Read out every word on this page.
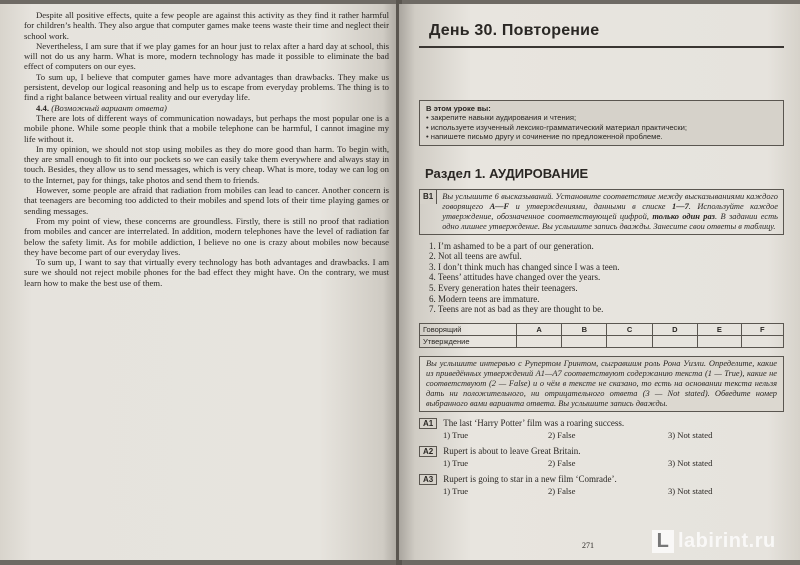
Despite all positive effects, quite a few people are against this activity as they find it rather harmful for children’s health. They also argue that computer games make teens waste their time and neglect their school work.

Nevertheless, I am sure that if we play games for an hour just to relax after a hard day at school, this will not do us any harm. What is more, modern technology has made it possible to eliminate the bad effect of computers on our eyes.

To sum up, I believe that computer games have more advantages than drawbacks. They make us persistent, develop our logical reasoning and help us to escape from everyday problems. The thing is to find a right balance between virtual reality and our everyday life.

4.4. (Возможный вариант ответа)

There are lots of different ways of communication nowadays, but perhaps the most popular one is a mobile phone. While some people think that a mobile telephone can be harmful, I cannot imagine my life without it.

In my opinion, we should not stop using mobiles as they do more good than harm. To begin with, they are small enough to fit into our pockets so we can easily take them everywhere and always stay in touch. Besides, they allow us to send messages, which is very cheap. What is more, today we can log on to the Internet, pay for things, take photos and send them to friends.

However, some people are afraid that radiation from mobiles can lead to cancer. Another concern is that teenagers are becoming too addicted to their mobiles and spend lots of their time playing games or sending messages.

From my point of view, these concerns are groundless. Firstly, there is still no proof that radiation from mobiles and cancer are interrelated. In addition, modern telephones have the level of radiation far below the safety limit. As for mobile addiction, I believe no one is crazy about mobiles now because they have become part of our everyday lives.

To sum up, I want to say that virtually every technology has both advantages and drawbacks. I am sure we should not reject mobile phones for the bad effect they might have. On the contrary, we must learn how to make the best use of them.

День 30. Повторение
В этом уроке вы:
• закрепите навыки аудирования и чтения;
• используете изученный лексико-грамматический материал практически;
• напишете письмо другу и сочинение по предложенной проблеме.
Раздел 1. АУДИРОВАНИЕ
B1	Вы услышите 6 высказываний. Установите соответствие между высказываниями каждого говорящего A—F и утверждениями, данными в списке 1—7. Используйте каждое утверждение, обозначенное соответствующей цифрой, только один раз. В задании есть одно лишнее утверждение. Вы услышите запись дважды. Занесите свои ответы в таблицу.
1. I’m ashamed to be a part of our generation.
2. Not all teens are awful.
3. I don’t think much has changed since I was a teen.
4. Teens’ attitudes have changed over the years.
5. Every generation hates their teenagers.
6. Modern teens are immature.
7. Teens are not as bad as they are thought to be.
Говорящий	A	B	C	D	E	F
Утверждение						
Вы услышите интервью с Рупертом Гринтом, сыгравшим роль Рона Уизли. Определите, какие из приведённых утверждений A1—A7 соответствуют содержанию текста (1 — True), какие не соответствуют (2 — False) и о чём в тексте не сказано, то есть на основании текста нельзя дать ни положительного, ни отрицательного ответа (3 — Not stated). Обведите номер выбранного вами варианта ответа. Вы услышите запись дважды.
A1	The last ‘Harry Potter’ film was a roaring success.
1) True	2) False	3) Not stated
A2	Rupert is about to leave Great Britain.
1) True	2) False	3) Not stated
A3	Rupert is going to star in a new film ‘Comrade’.
1) True	2) False	3) Not stated
271	L labirint.ru
